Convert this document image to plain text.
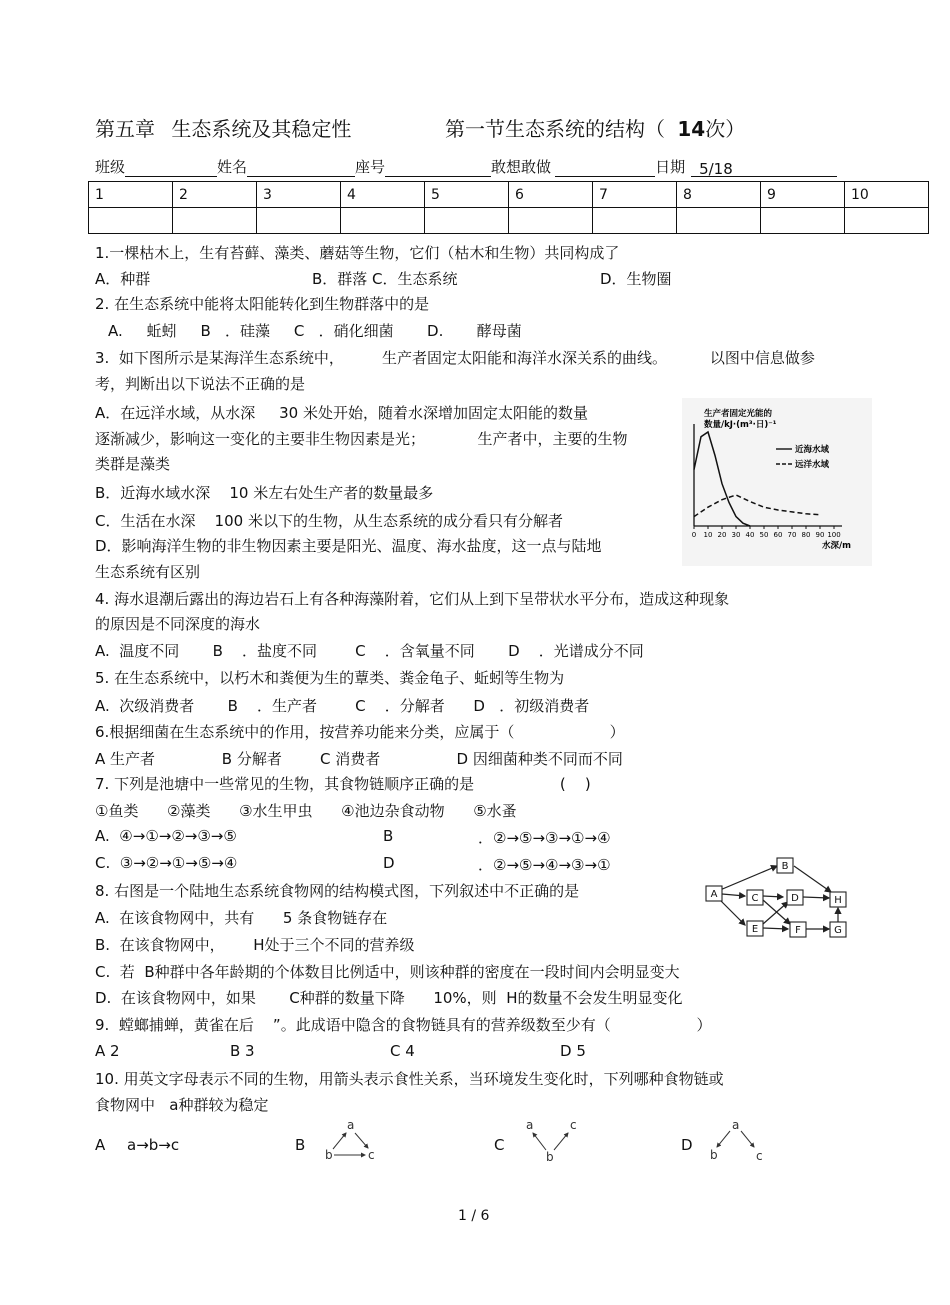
第五章 生态系统及其稳定性	第一节生态系统的结构（ 14次）
班级	姓名	座号	敢想敢做	日期 5/18
1	2	3	4	5	6	7	8	9	10

1.一棵枯木上，生有苔藓、藻类、蘑菇等生物，它们（枯木和生物）共同构成了
A．种群	B．群落 C．生态系统	D．生物圈
2. 在生态系统中能将太阳能转化到生物群落中的是
A.     蚯蚓     B   ．硅藻     C   ．硝化细菌       D.       酵母菌
3.  如下图所示是某海洋生态系统中，        生产者固定太阳能和海洋水深关系的曲线。         以图中信息做参
考，判断出以下说法不正确的是
A．在远洋水域，从水深     30 米处开始，随着水深增加固定太阳能的数量
逐渐减少，影响这一变化的主要非生物因素是光；           生产者中，主要的生物
类群是藻类
B．近海水域水深    10 米左右处生产者的数量最多
C．生活在水深    100 米以下的生物，从生态系统的成分看只有分解者
D．影响海洋生物的非生物因素主要是阳光、温度、海水盐度，这一点与陆地
生态系统有区别
生产者固定光能的数量/kJ·(m³·日)⁻¹
0 10 20 30 40 50 60 70 80 90 100
近海水域
远洋水域
水深/m
4. 海水退潮后露出的海边岩石上有各种海藻附着，它们从上到下呈带状水平分布，造成这种现象
的原因是不同深度的海水
A.  温度不同       B    ．盐度不同        C    ．含氧量不同       D    ．光谱成分不同
5. 在生态系统中，以朽木和粪便为生的蕈类、粪金龟子、蚯蚓等生物为
A.  次级消费者       B    ．生产者        C    ．分解者      D   ．初级消费者
6.根据细菌在生态系统中的作用，按营养功能来分类，应属于（                    ）
A 生产者              B 分解者        C 消费者                D 因细菌种类不同而不同
7. 下列是池塘中一些常见的生物，其食物链顺序正确的是                  (    )
①鱼类      ②藻类      ③水生甲虫      ④池边杂食动物      ⑤水蚤
A.  ④→①→②→③→⑤	B	．②→⑤→③→①→④
C.  ③→②→①→⑤→④	D	．②→⑤→④→③→①
8. 右图是一个陆地生态系统食物网的结构模式图，下列叙述中不正确的是
A.  在该食物网中，共有      5 条食物链存在
B.  在该食物网中，      H处于三个不同的营养级
C.  若  B种群中各年龄期的个体数目比例适中，则该种群的密度在一段时间内会明显变大
D.  在该食物网中，如果       C种群的数量下降      10%，则  H的数量不会发生明显变化
A
B
C	D
E	F	G
H
9.  螳螂捕蝉，黄雀在后    ”。此成语中隐含的食物链具有的营养级数至少有（                  ）
A 2	B 3	C 4	D 5
10. 用英文字母表示不同的生物，用箭头表示食性关系，当环境发生变化时，下列哪种食物链或
食物网中   a种群较为稳定
A a→b→c	B	C	D
a
b	c
a
b
c	a
b	c
1 / 6
